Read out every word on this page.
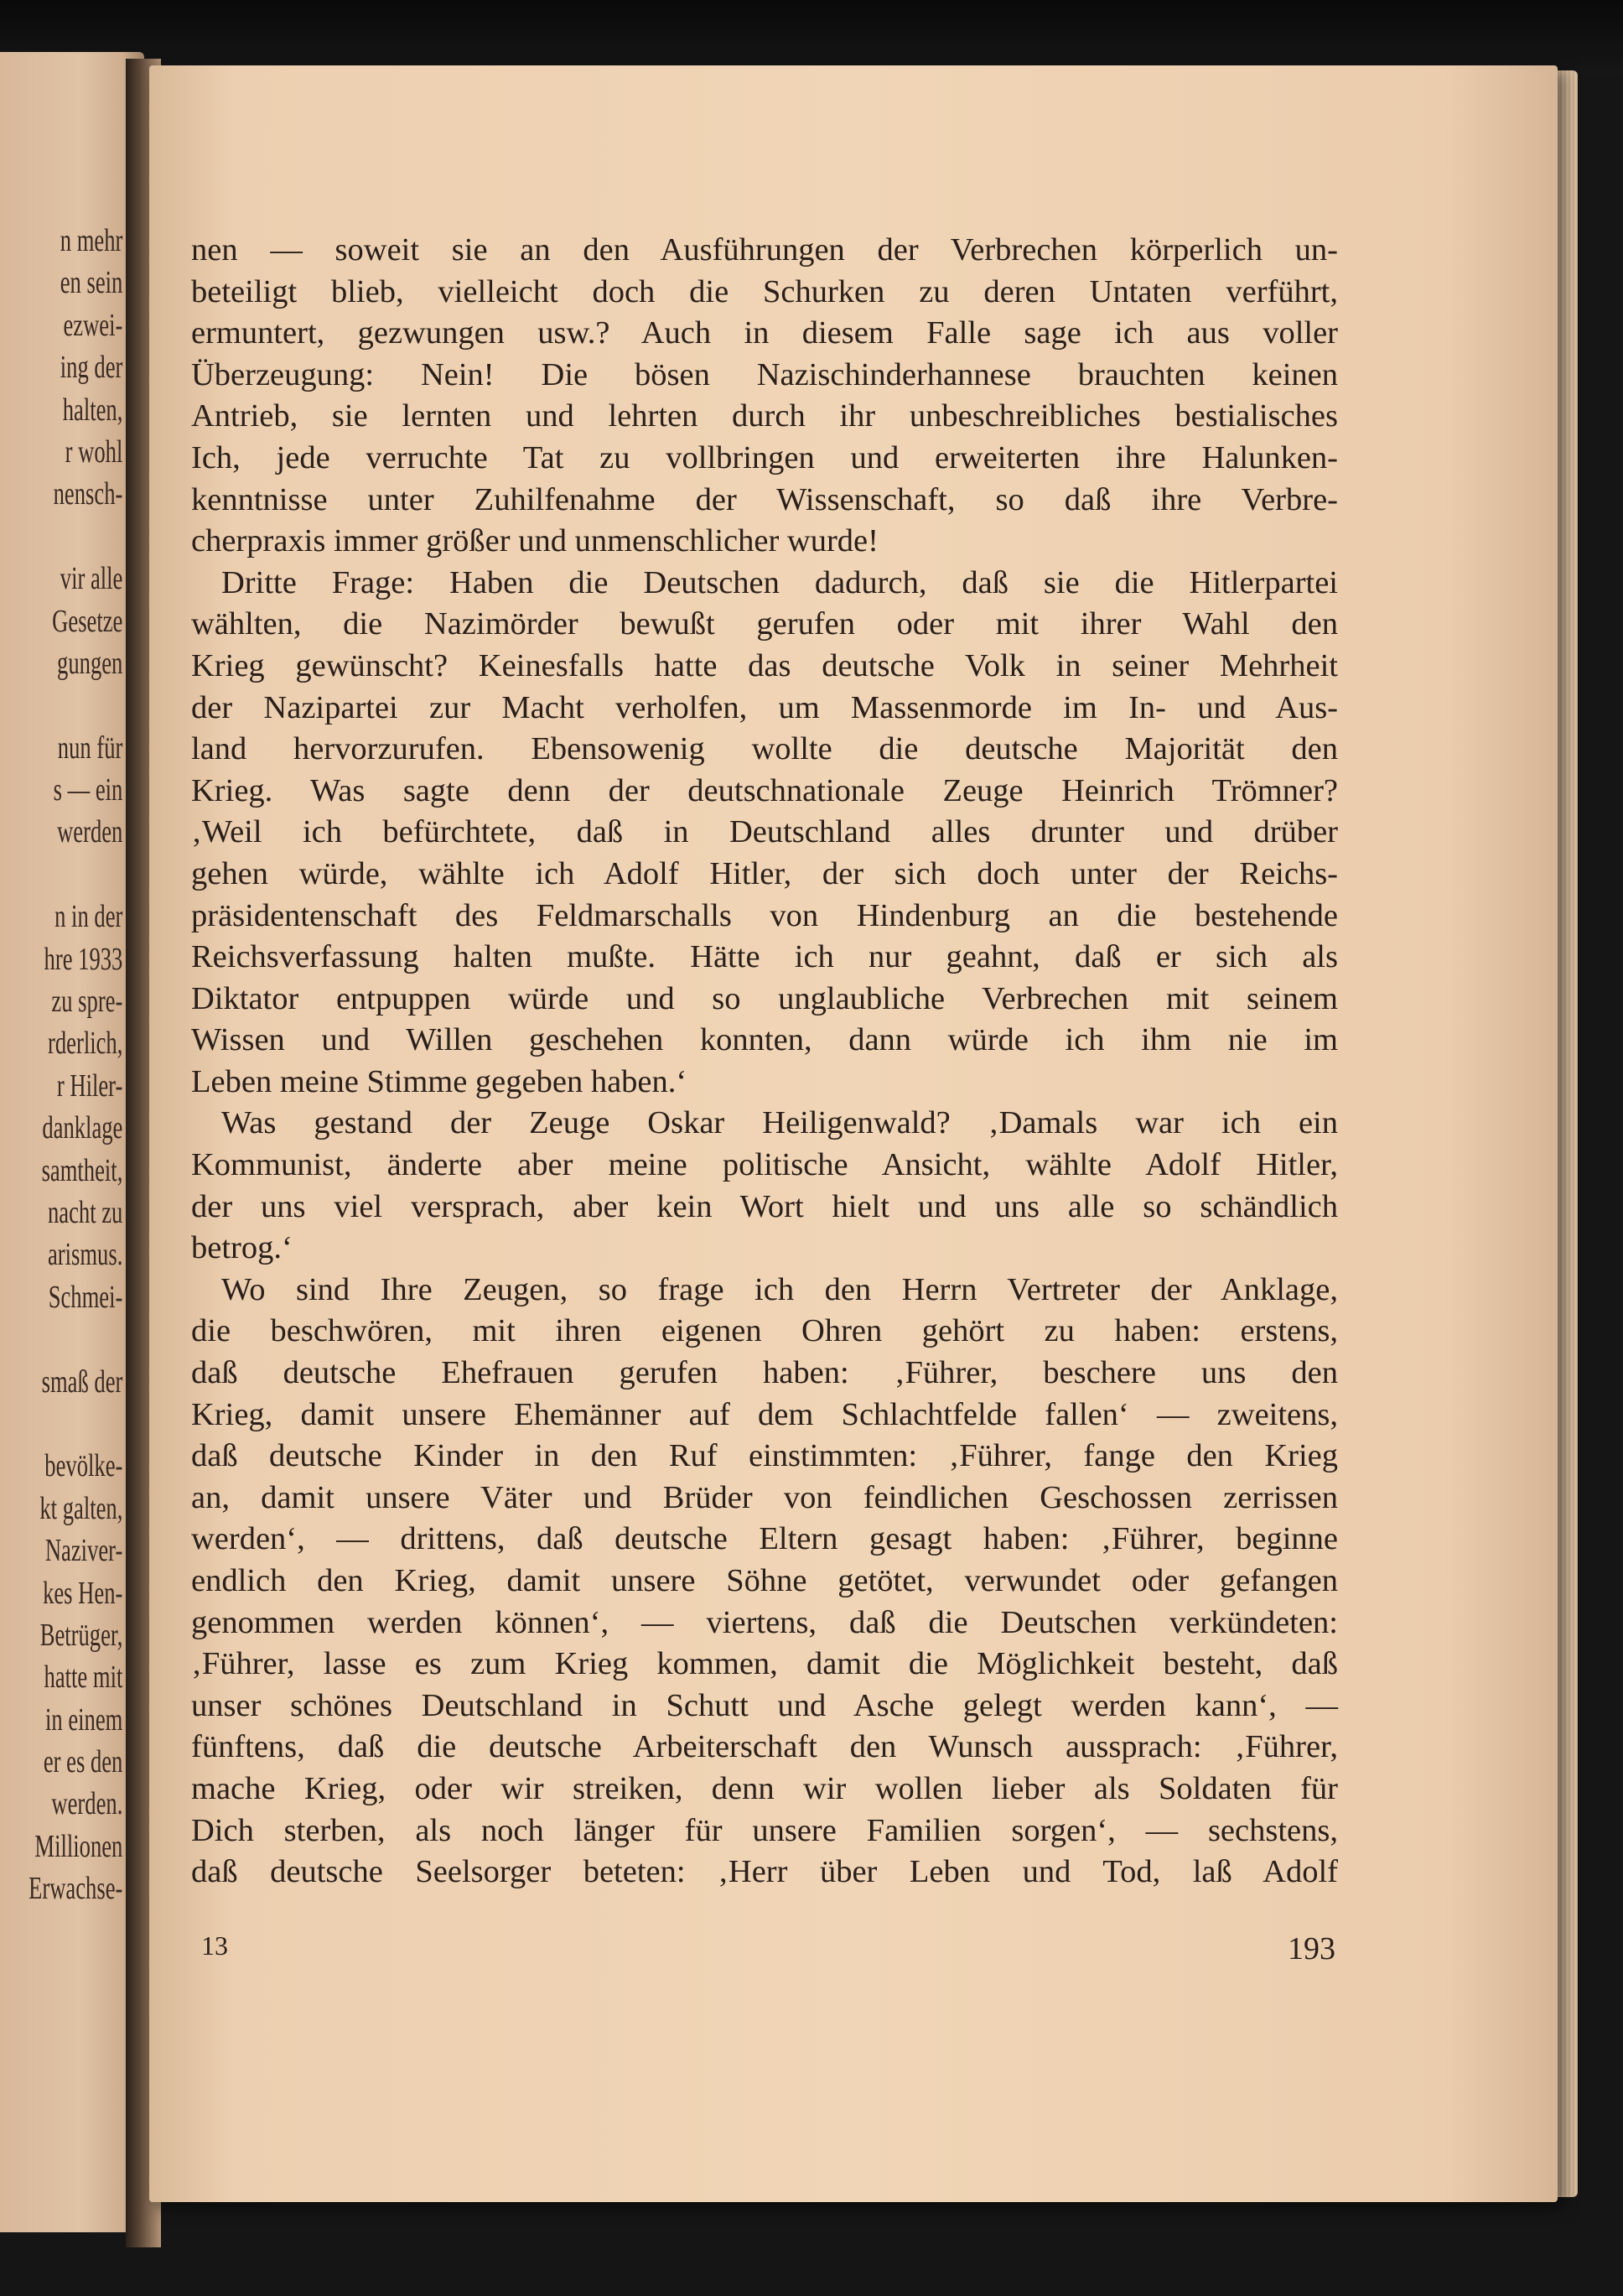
n mehr
en sein
ezwei-
ing der
halten,
r wohl
nensch-
vir alle
Gesetze
gungen
nun für
s — ein
werden
n in der
hre 1933
zu spre-
rderlich,
r Hiler-
danklage
samtheit,
nacht zu
arismus.
Schmei-
smaß der
bevölke-
kt galten,
Naziver-
kes Hen-
Betrüger,
hatte mit
in einem
er es den
werden.
Millionen
Erwachse-
nen — soweit sie an den Ausführungen der Verbrechen körperlich un-
beteiligt blieb, vielleicht doch die Schurken zu deren Untaten verführt,
ermuntert, gezwungen usw.? Auch in diesem Falle sage ich aus voller
Überzeugung: Nein! Die bösen Nazischinderhannese brauchten keinen
Antrieb, sie lernten und lehrten durch ihr unbeschreibliches bestialisches
Ich, jede verruchte Tat zu vollbringen und erweiterten ihre Halunken-
kenntnisse unter Zuhilfenahme der Wissenschaft, so daß ihre Verbre-
cherpraxis immer größer und unmenschlicher wurde!
Dritte Frage: Haben die Deutschen dadurch, daß sie die Hitlerpartei
wählten, die Nazimörder bewußt gerufen oder mit ihrer Wahl den
Krieg gewünscht? Keinesfalls hatte das deutsche Volk in seiner Mehrheit
der Nazipartei zur Macht verholfen, um Massenmorde im In- und Aus-
land hervorzurufen. Ebensowenig wollte die deutsche Majorität den
Krieg. Was sagte denn der deutschnationale Zeuge Heinrich Trömner?
‚Weil ich befürchtete, daß in Deutschland alles drunter und drüber
gehen würde, wählte ich Adolf Hitler, der sich doch unter der Reichs-
präsidentenschaft des Feldmarschalls von Hindenburg an die bestehende
Reichsverfassung halten mußte. Hätte ich nur geahnt, daß er sich als
Diktator entpuppen würde und so unglaubliche Verbrechen mit seinem
Wissen und Willen geschehen konnten, dann würde ich ihm nie im
Leben meine Stimme gegeben haben.‘
Was gestand der Zeuge Oskar Heiligenwald? ‚Damals war ich ein
Kommunist, änderte aber meine politische Ansicht, wählte Adolf Hitler,
der uns viel versprach, aber kein Wort hielt und uns alle so schändlich
betrog.‘
Wo sind Ihre Zeugen, so frage ich den Herrn Vertreter der Anklage,
die beschwören, mit ihren eigenen Ohren gehört zu haben: erstens,
daß deutsche Ehefrauen gerufen haben: ‚Führer, beschere uns den
Krieg, damit unsere Ehemänner auf dem Schlachtfelde fallen‘ — zweitens,
daß deutsche Kinder in den Ruf einstimmten: ‚Führer, fange den Krieg
an, damit unsere Väter und Brüder von feindlichen Geschossen zerrissen
werden‘, — drittens, daß deutsche Eltern gesagt haben: ‚Führer, beginne
endlich den Krieg, damit unsere Söhne getötet, verwundet oder gefangen
genommen werden können‘, — viertens, daß die Deutschen verkündeten:
‚Führer, lasse es zum Krieg kommen, damit die Möglichkeit besteht, daß
unser schönes Deutschland in Schutt und Asche gelegt werden kann‘, —
fünftens, daß die deutsche Arbeiterschaft den Wunsch aussprach: ‚Führer,
mache Krieg, oder wir streiken, denn wir wollen lieber als Soldaten für
Dich sterben, als noch länger für unsere Familien sorgen‘, — sechstens,
daß deutsche Seelsorger beteten: ‚Herr über Leben und Tod, laß Adolf
13	193
